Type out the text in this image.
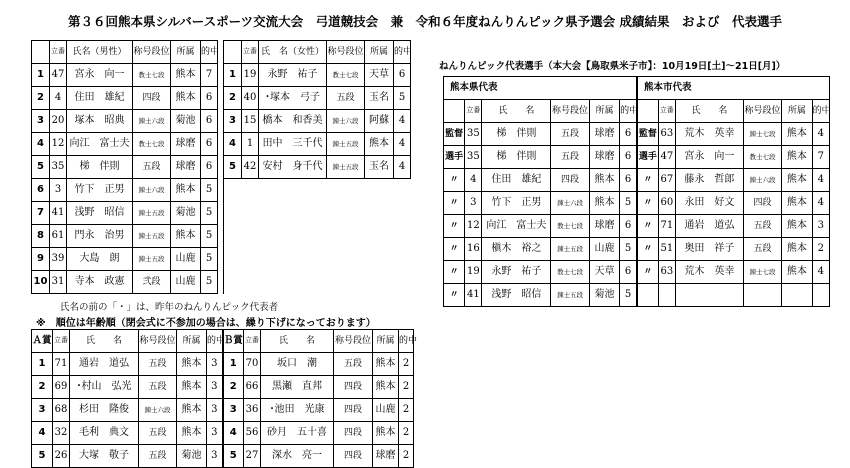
第３６回熊本県シルバースポーツ交流大会　弓道競技会　兼　令和６年度ねんりんピック県予選会 成績結果　および　代表選手
	立番	氏名（男性）	称号段位	所属	的中			立番	氏　名（女性）	称号段位	所属	的中
1	47	宮永　向一	教士七段	熊本	7		1	19	永野　祐子	教士七段	天草	6
2	4	住田　雄紀	四段	熊本	6		2	40	･塚本　弓子	五段	玉名	5
3	20	塚本　昭典	錬士六段	菊池	6		3	15	橋本　和香美	錬士六段	阿蘇	4
4	12	向江　富士夫	教士七段	球磨	6		4	1	田中　三千代	錬士五段	熊本	4
5	35	梯　伴則	五段	球磨	6		5	42	安村　身千代	錬士五段	玉名	4
6	3	竹下　正男	錬士六段	熊本	5							
7	41	浅野　昭信	錬士五段	菊池	5							
8	61	門永　治男	錬士五段	熊本	5							
9	39	大島　朗	錬士五段	山鹿	5							
10	31	寺本　政憲	弐段	山鹿	5							
氏名の前の「・」は、昨年のねんりんピック代表者
※　順位は年齢順（閉会式に不参加の場合は、繰り下げになっております）
Ａ賞	立番	氏　　名	称号段位	所属	的中	Ｂ賞	立番	氏　　名	称号段位	所属	的中
1	71	通岩　道弘	五段	熊本	3	1	70	坂口　潮	五段	熊本	2
2	69	･村山　弘光	五段	熊本	3	2	66	黒瀬　直邦	四段	熊本	2
3	68	杉田　隆俊	錬士六段	熊本	3	3	36	･池田　光康	四段	山鹿	2
4	32	毛利　典文	五段	熊本	3	4	56	砂月　五十喜	四段	熊本	2
5	26	大塚　敬子	五段	菊池	3	5	27	深水　亮一	四段	球磨	2
ねんりんピック代表選手（本大会【鳥取県米子市】：10月19日[土]～21日[月]）
熊本県代表						熊本市代表					
	立番	氏　　名	称号段位	所属	的中		立番	氏　　名	称号段位	所属	的中
監督	35	梯　伴則	五段	球磨	6	監督	63	荒木　英幸	錬士七段	熊本	4
選手	35	梯　伴則	五段	球磨	6	選手	47	宮永　向一	教士七段	熊本	7
〃	4	住田　雄紀	四段	熊本	6	〃	67	藤永　哲郎	錬士六段	熊本	4
〃	3	竹下　正男	錬士六段	熊本	5	〃	60	永田　好文	四段	熊本	4
〃	12	向江　富士夫	教士七段	球磨	6	〃	71	通岩　道弘	五段	熊本	3
〃	16	槇木　裕之	錬士五段	山鹿	5	〃	51	奥田　祥子	五段	熊本	2
〃	19	永野　祐子	教士七段	天草	6	〃	63	荒木　英幸	錬士七段	熊本	4
〃	41	浅野　昭信	錬士五段	菊池	5						
